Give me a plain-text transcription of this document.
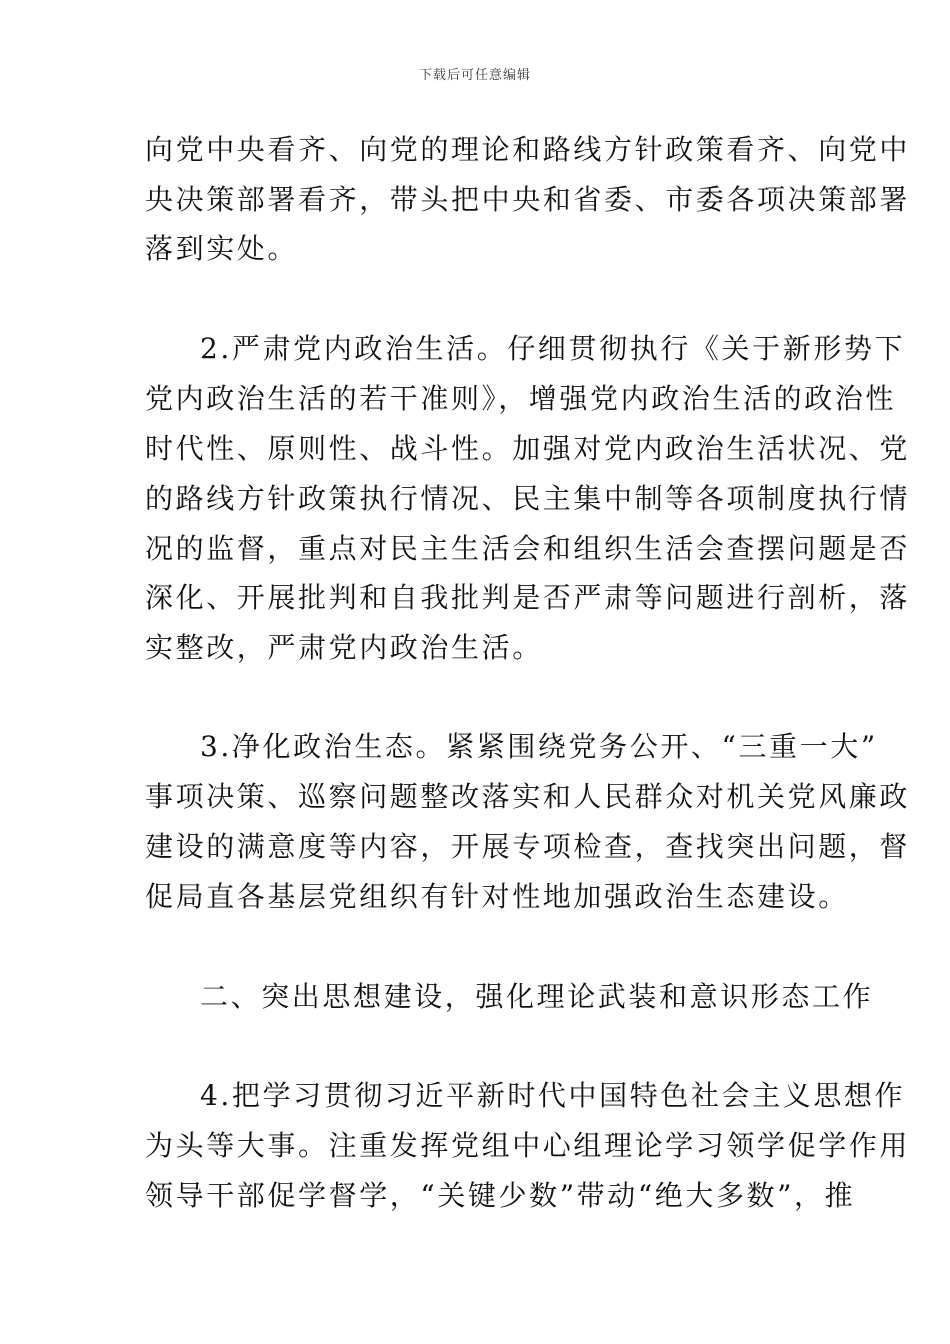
下载后可任意编辑
向党中央看齐、向党的理论和路线方针政策看齐、向党中
央决策部署看齐，带头把中央和省委、市委各项决策部署
落到实处。
2.严肃党内政治生活。仔细贯彻执行《关于新形势下
党内政治生活的若干准则》，增强党内政治生活的政治性
时代性、原则性、战斗性。加强对党内政治生活状况、党
的路线方针政策执行情况、民主集中制等各项制度执行情
况的监督，重点对民主生活会和组织生活会查摆问题是否
深化、开展批判和自我批判是否严肃等问题进行剖析，落
实整改，严肃党内政治生活。
3.净化政治生态。紧紧围绕党务公开、“三重一大”
事项决策、巡察问题整改落实和人民群众对机关党风廉政
建设的满意度等内容，开展专项检查，查找突出问题，督
促局直各基层党组织有针对性地加强政治生态建设。
二、突出思想建设，强化理论武装和意识形态工作
4.把学习贯彻习近平新时代中国特色社会主义思想作
为头等大事。注重发挥党组中心组理论学习领学促学作用
领导干部促学督学，“关键少数”带动“绝大多数”，推
